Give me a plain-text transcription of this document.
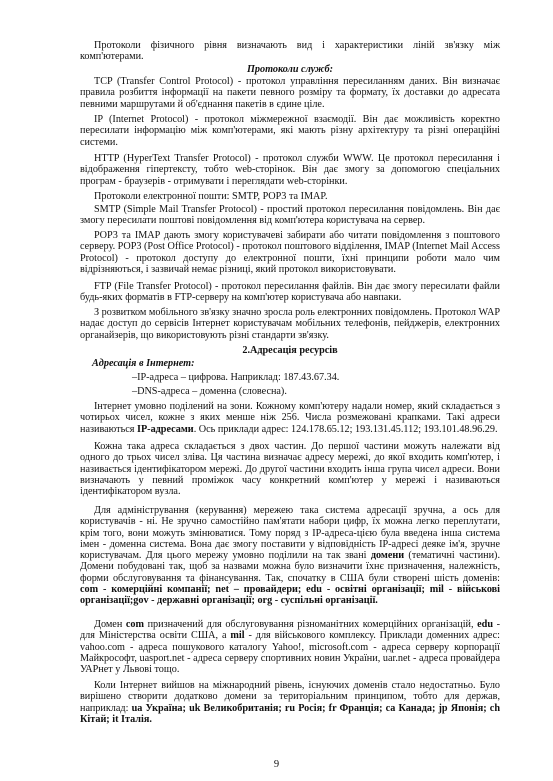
Протоколи фізичного рівня визначають вид і характеристики ліній зв'язку між комп'ютерами.

Протоколи служб:

TCP (Transfer Control Protocol) - протокол управління пересиланням даних. Він визначає правила розбиття інформації на пакети певного розміру та формату, їх доставки до адресата певними маршрутами й об'єднання пакетів в єдине ціле.

IP (Internet Protocol) - протокол міжмережної взаємодії. Він дає можливість коректно пересилати інформацію між комп'ютерами, які мають різну архітектуру та різні операційні системи.

HTTP (HyperText Transfer Protocol) - протокол служби WWW. Це протокол пересилання і відображення гіпертексту, тобто web-сторінок. Він дає змогу за допомогою спеціальних програм - браузерів - отримувати і переглядати web-сторінки.

Протоколи електронної пошти: SMTP, POP3 та IMAP.

SMTP (Simple Mail Transfer Protocol) - простий протокол пересилання повідомлень. Він дає змогу пересилати поштові повідомлення від комп'ютера користувача на сервер.

POP3 та IMAP дають змогу користувачеві забирати або читати повідомлення з поштового серверу. POP3 (Post Office Protocol) - протокол поштового відділення, IMAP (Internet Mail Access Protocol) - протокол доступу до електронної пошти, їхні принципи роботи мало чим відрізняються, і зазвичай немає різниці, який протокол використовувати.

FTP (File Transfer Protocol) - протокол пересилання файлів. Він дає змогу пересилати файли будь-яких форматів в FTP-серверу на комп'ютер користувача або навпаки.

З розвитком мобільного зв'язку значно зросла роль електронних повідомлень. Протокол WAP надає доступ до сервісів Інтернет користувачам мобільних телефонів, пейджерів, електронних органайзерів, що використовують різні стандарти зв'язку.

2.Адресація ресурсів

Адресація в Інтернет:

–IP-адреса – цифрова. Наприклад: 187.43.67.34.

–DNS-адреса – доменна (словесна).

Інтернет умовно поділений на зони. Кожному комп'ютеру надали номер, який складається з чотирьох чисел, кожне з яких менше ніж 256. Числа розмежовані крапками. Такі адреси називаються IP-адресами. Ось приклади адрес: 124.178.65.12; 193.131.45.112; 193.101.48.96.29.

Кожна така адреса складається з двох частин. До першої частини можуть належати від одного до трьох чисел зліва. Ця частина визначає адресу мережі, до якої входить комп'ютер, і називається ідентифікатором мережі. До другої частини входить інша група чисел адреси. Вони визначають у певний проміжок часу конкретний комп'ютер у мережі і називаються ідентифікатором вузла.

Для адміністрування (керування) мережею така система адресації зручна, а ось для користувачів - ні. Не зручно самостійно пам'ятати набори цифр, їх можна легко переплутати, крім того, вони можуть змінюватися. Тому поряд з IP-адреса-цією була введена інша система імен - доменна система. Вона дає змогу поставити у відповідність IP-адресі деяке ім'я, зручне користувачам. Для цього мережу умовно поділили на так звані домени (тематичні частини). Домени побудовані так, щоб за назвами можна було визначити їхнє призначення, належність, форми обслуговування та фінансування. Так, спочатку в США були створені шість доменів: com - комерційні компанії; net – провайдери; edu - освітні організації; mil - військові організації;gov - державні організації; org - суспільні організації.

Домен com призначений для обслуговування різноманітних комерційних організацій, edu - для Міністерства освіти США, а mil - для військового комплексу. Приклади доменних адрес: vahoo.com - адреса пошукового каталогу Yahoo!, microsoft.com - адреса серверу корпорації Майкрософт, uasport.net - адреса серверу спортивних новин України, uar.net - адреса провайдера УАРнет у Львові тощо.

Коли Інтернет вийшов на міжнародний рівень, існуючих доменів стало недостатньо. Було вирішено створити додатково домени за територіальним принципом, тобто для держав, наприклад: ua Україна; uk Великобританія; ru Росія; fr Франція; ca Канада; jp Японія; ch Кітай; it Італія.

9
